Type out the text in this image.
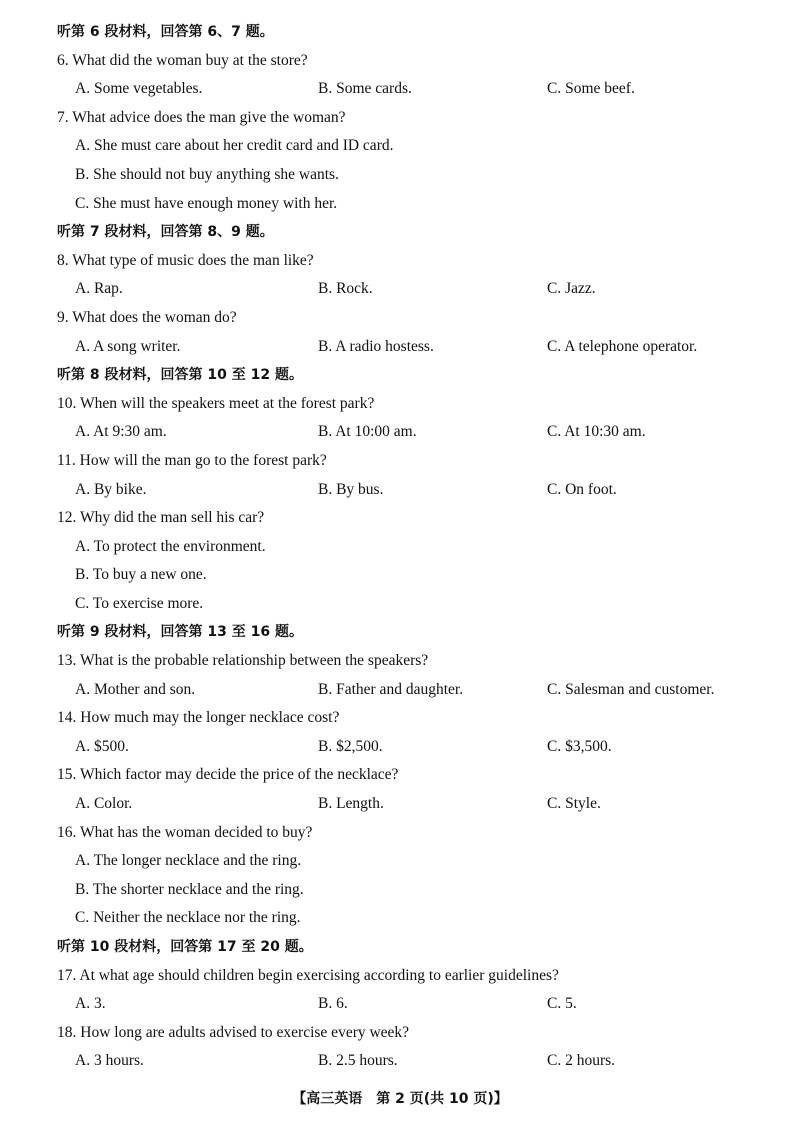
听第 6 段材料，回答第 6、7 题。
6. What did the woman buy at the store?
A. Some vegetables.	B. Some cards.	C. Some beef.
7. What advice does the man give the woman?
A. She must care about her credit card and ID card.
B. She should not buy anything she wants.
C. She must have enough money with her.
听第 7 段材料，回答第 8、9 题。
8. What type of music does the man like?
A. Rap.	B. Rock.	C. Jazz.
9. What does the woman do?
A. A song writer.	B. A radio hostess.	C. A telephone operator.
听第 8 段材料，回答第 10 至 12 题。
10. When will the speakers meet at the forest park?
A. At 9:30 am.	B. At 10:00 am.	C. At 10:30 am.
11. How will the man go to the forest park?
A. By bike.	B. By bus.	C. On foot.
12. Why did the man sell his car?
A. To protect the environment.
B. To buy a new one.
C. To exercise more.
听第 9 段材料，回答第 13 至 16 题。
13. What is the probable relationship between the speakers?
A. Mother and son.	B. Father and daughter.	C. Salesman and customer.
14. How much may the longer necklace cost?
A. $500.	B. $2,500.	C. $3,500.
15. Which factor may decide the price of the necklace?
A. Color.	B. Length.	C. Style.
16. What has the woman decided to buy?
A. The longer necklace and the ring.
B. The shorter necklace and the ring.
C. Neither the necklace nor the ring.
听第 10 段材料，回答第 17 至 20 题。
17. At what age should children begin exercising according to earlier guidelines?
A. 3.	B. 6.	C. 5.
18. How long are adults advised to exercise every week?
A. 3 hours.	B. 2.5 hours.	C. 2 hours.
【高三英语　第 2 页(共 10 页)】
